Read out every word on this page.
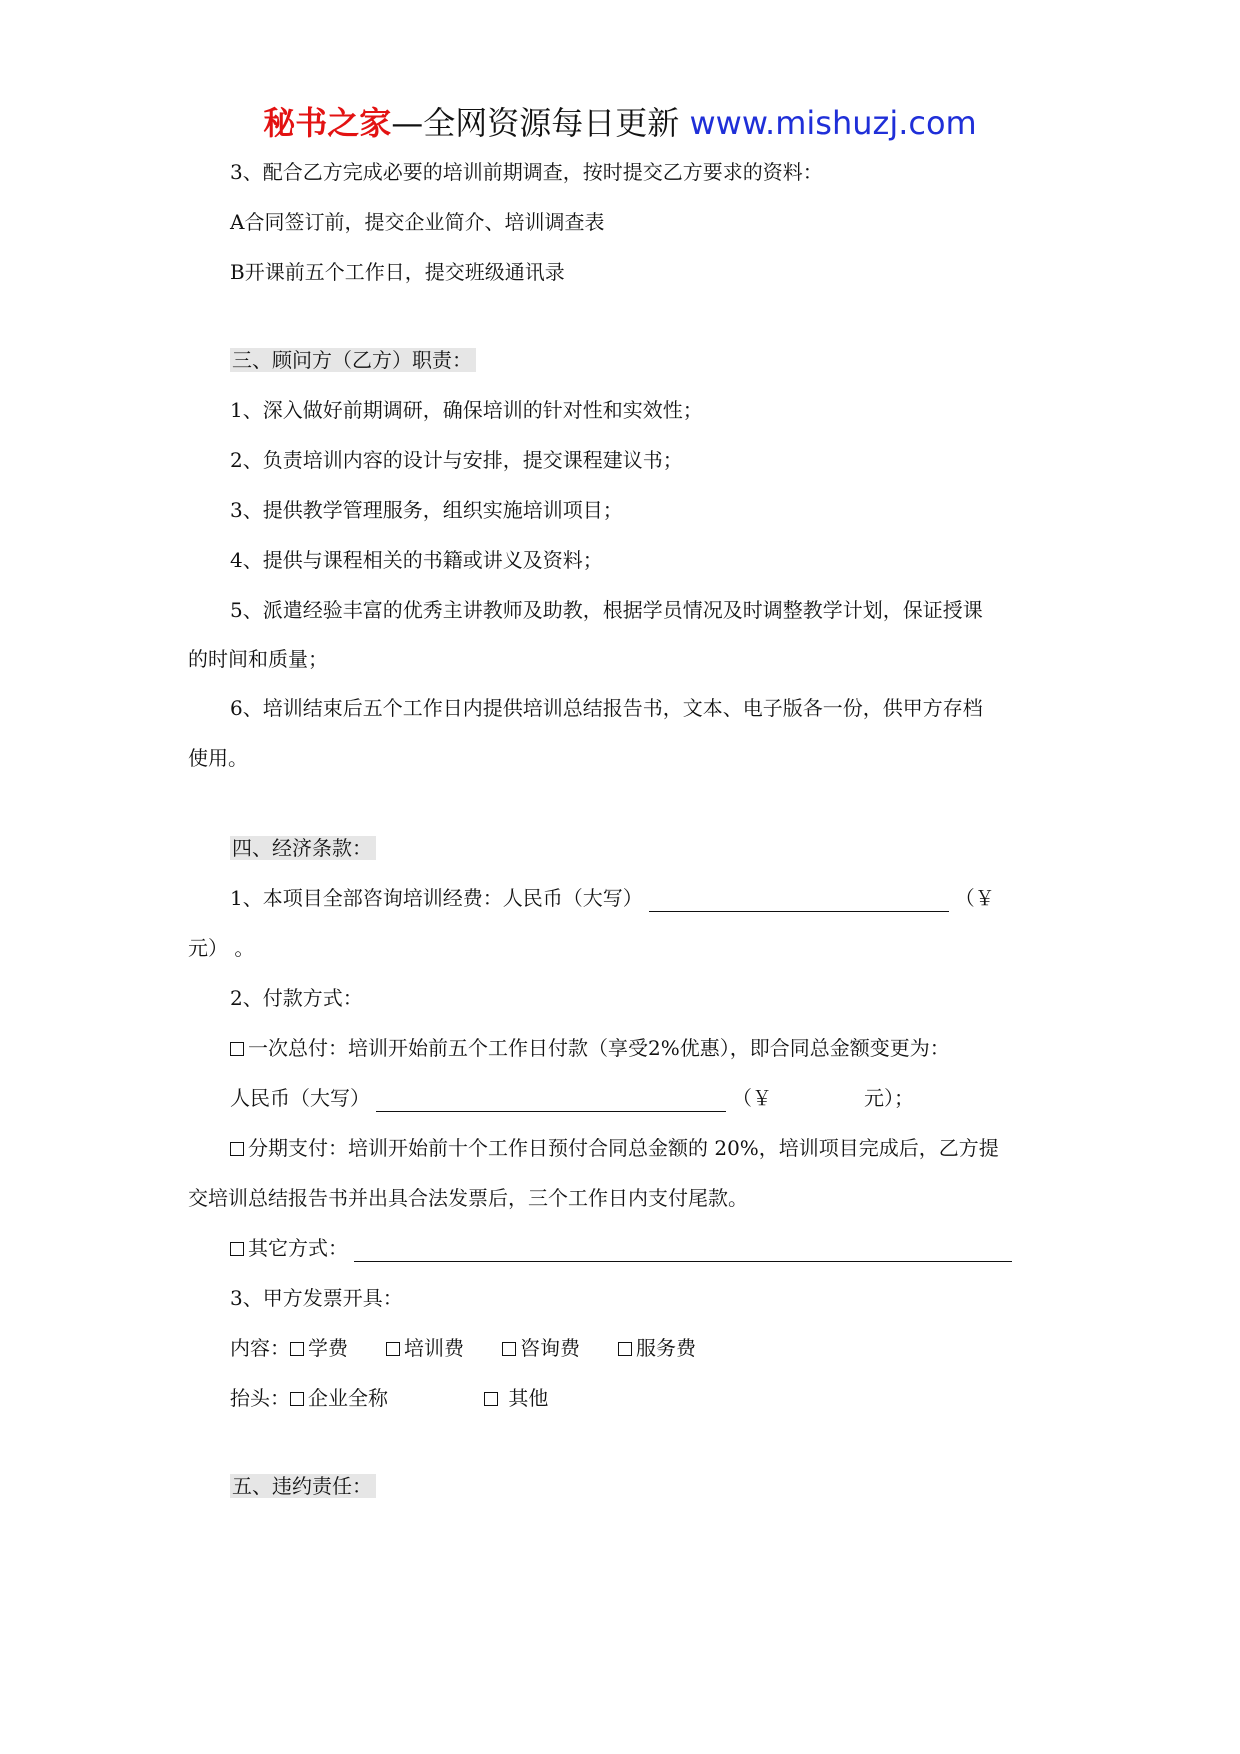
秘书之家—全网资源每日更新 www.mishuzj.com
3、配合乙方完成必要的培训前期调查，按时提交乙方要求的资料：
A合同签订前，提交企业简介、培训调查表
B开课前五个工作日，提交班级通讯录
三、顾问方（乙方）职责：
1、深入做好前期调研，确保培训的针对性和实效性；
2、负责培训内容的设计与安排，提交课程建议书；
3、提供教学管理服务，组织实施培训项目；
4、提供与课程相关的书籍或讲义及资料；
5、派遣经验丰富的优秀主讲教师及助教，根据学员情况及时调整教学计划，保证授课
的时间和质量；
6、培训结束后五个工作日内提供培训总结报告书，文本、电子版各一份，供甲方存档
使用。
四、经济条款：
1、本项目全部咨询培训经费：人民币（大写）	（￥
元） 。
2、付款方式：
一次总付：培训开始前五个工作日付款（享受2%优惠），即合同总金额变更为：
人民币（大写）	（￥	元）；
分期支付：培训开始前十个工作日预付合同总金额的 20%，培训项目完成后，乙方提
交培训总结报告书并出具合法发票后，三个工作日内支付尾款。
其它方式：
3、甲方发票开具：
内容： 学费	培训费	咨询费	服务费
抬头： 企业全称	其他
五、违约责任：
